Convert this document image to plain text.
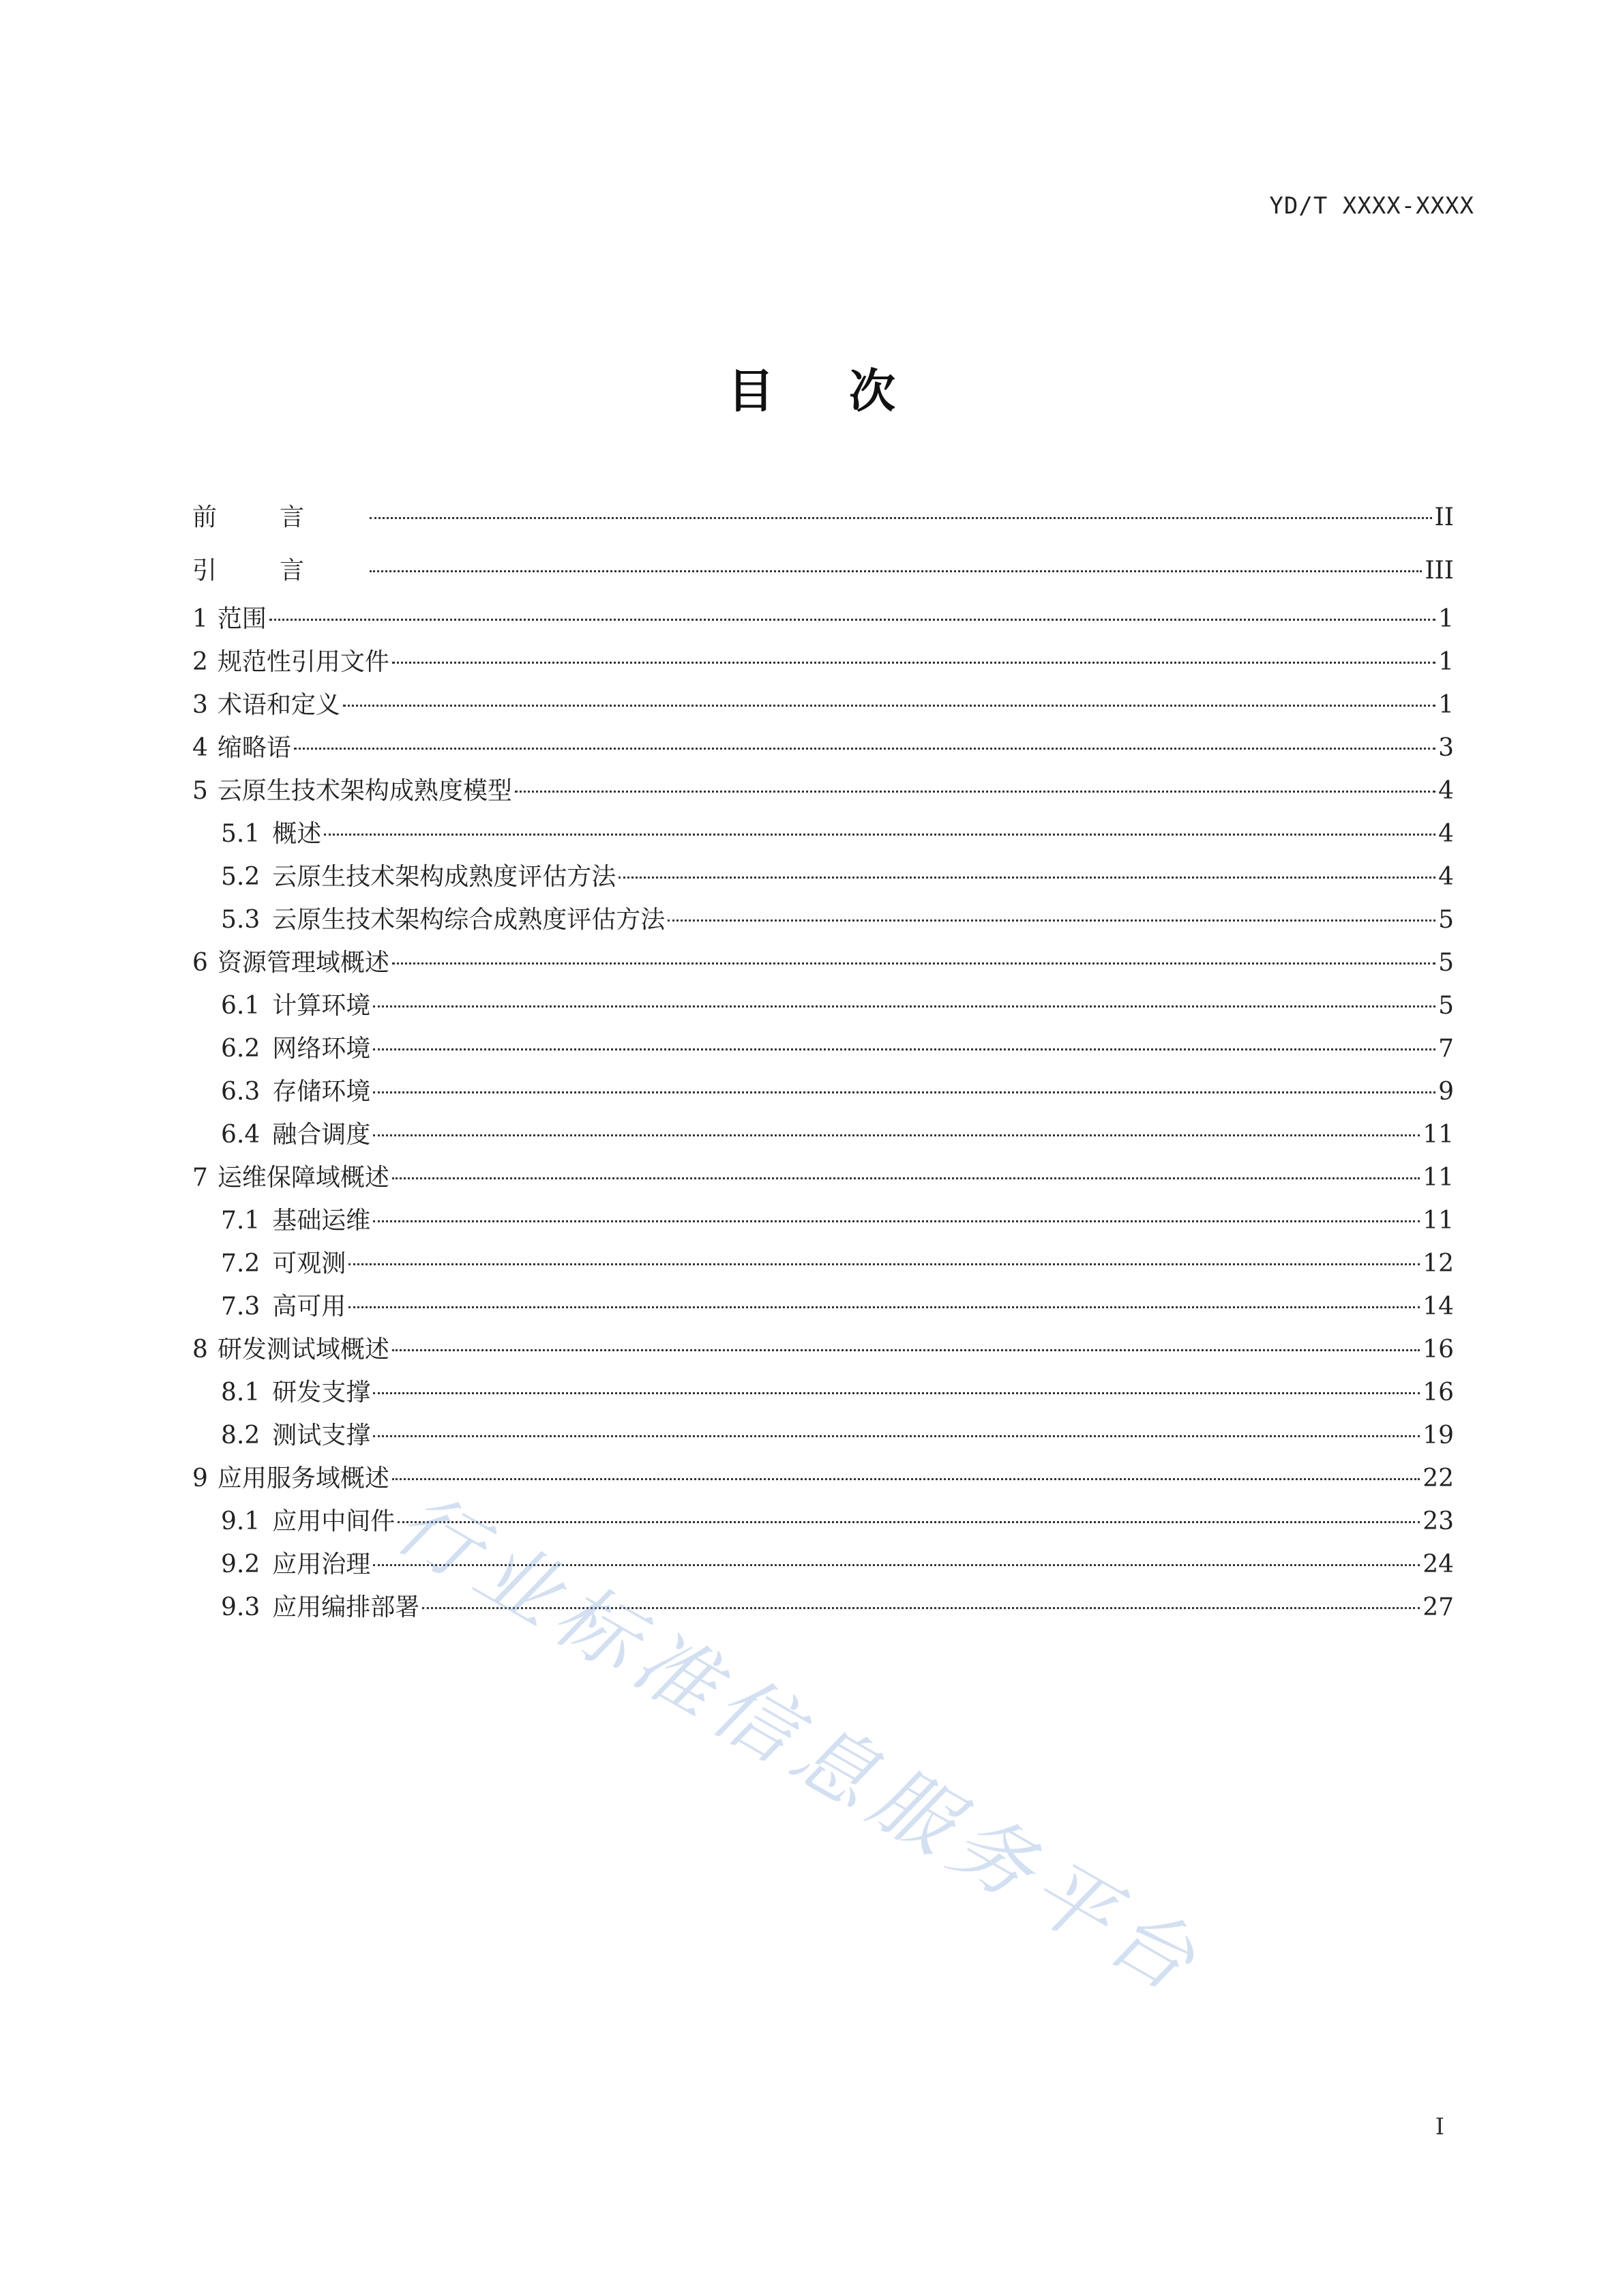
YD/T XXXX-XXXX
目次
前言	II
引言	III
1 范围	1
2 规范性引用文件	1
3 术语和定义	1
4 缩略语	3
5 云原生技术架构成熟度模型	4
5.1 概述	4
5.2 云原生技术架构成熟度评估方法	4
5.3 云原生技术架构综合成熟度评估方法	5
6 资源管理域概述	5
6.1 计算环境	5
6.2 网络环境	7
6.3 存储环境	9
6.4 融合调度	11
7 运维保障域概述	11
7.1 基础运维	11
7.2 可观测	12
7.3 高可用	14
8 研发测试域概述	16
8.1 研发支撑	16
8.2 测试支撑	19
9 应用服务域概述	22
9.1 应用中间件	23
9.2 应用治理	24
9.3 应用编排部署	27
行业标准信息服务平台
I
